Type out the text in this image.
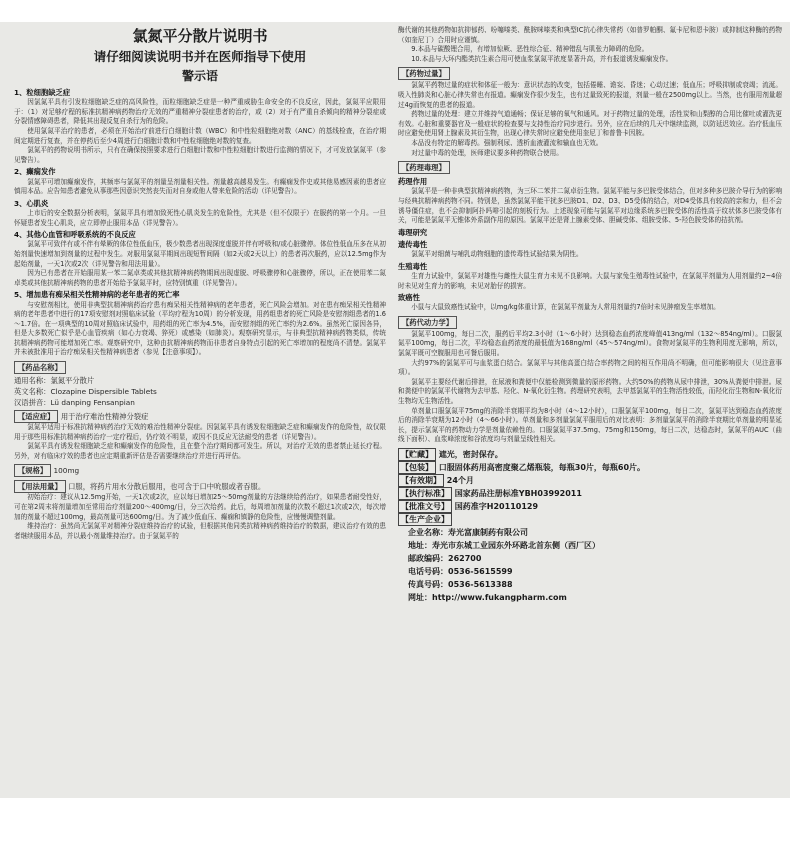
氯氮平分散片说明书
请仔细阅读说明书并在医师指导下使用
警示语
1、粒细胞缺乏症

因氯氮平具有引发粒细胞缺乏症的高风险性，而粒细胞缺乏症是一种严重威胁生命安全的不良反应，因此，氯氮平应限用于：（1）对足够疗程的标准抗精神病药物治疗无效的严重精神分裂症患者的治疗，或（2）对于有严重自杀倾向的精神分裂症或分裂情感障碍患者，降低其出现反复自杀行为的危险。

使用氯氮平治疗的患者，必须在开始治疗前进行白细胞计数（WBC）和中性粒细胞绝对数（ANC）的基线检查，在治疗期间定期进行复查，并在停药后至少4周进行白细胞计数和中性粒细胞绝对数的复查。

氯氮平的药物说明书所示，只有在确保按照要求进行白细胞计数和中性粒细胞计数进行监测的情况下，才可发放氯氮平（参见警告）。

2、癫痫发作

氯氮平可增加癫痫发作，其频率与氯氮平的剂量呈剂量相关性。剂量越高越易发生。有癫痫发作史或其他易感因素的患者应慎用本品。应告知患者避免从事那些因意识突然丧失而对自身或他人带来危险的活动（详见警告）。

3、心肌炎

上市后的安全数据分析表明，氯氮平具有增加致死性心肌炎发生的危险性，尤其是（但不仅限于）在服药的第一个月。一旦怀疑患者发生心肌炎，应立即停止服用本品（详见警告）。

4、其他心血管和呼吸系统的不良反应

氯氮平可致伴有或不伴有晕厥的体位性低血压，极少数患者出现深度虚脱并伴有呼吸和/或心脏骤停。体位性低血压多在从初始剂量快速增加到剂量的过程中发生。对服用氯氮平期间出现短暂间隔（如2天或2天以上）的患者再次服药，应以12.5mg作为起始剂量，一天1次或2次（详见警告和用法用量）。

因为已有患者在开始服用某一苯二氮卓类或其他抗精神病药物期间出现虚脱、呼吸骤停和心脏骤停，所以，正在使用苯二氮卓类或其他抗精神病药物的患者开始给予氯氮平时，应特别慎重（详见警告）。

5、增加患有痴呆相关性精神病的老年患者的死亡率

与安慰剂相比，使用非典型抗精神病药治疗患有痴呆相关性精神病的老年患者，死亡风险会增加。对在患有痴呆相关性精神病的老年患者中进行的17项安慰剂对照临床试验（平均疗程为10周）的分析发现，用药组患者的死亡风险是安慰剂组患者的1.6～1.7倍。在一项典型的10周对照临床试验中，用药组的死亡率为4.5%，而安慰剂组的死亡率约为2.6%。虽然死亡原因各异，但是大多数死亡似乎是心血管疾病（如心力衰竭、猝死）或感染（如肺炎）。观察研究显示，与非典型抗精神病药物类似，传统抗精神病药物可能增加死亡率。观察研究中，这种由抗精神病药物而非患者自身特点引起的死亡率增加的程度尚不清楚。氯氮平并未被批准用于治疗痴呆相关性精神病患者（参见【注意事项】）。

【药品名称】
通用名称： 氯氮平分散片
英文名称： Clozapine Dispersible Tablets
汉语拼音： Lü danping Fensanpian
【适应症】 用于治疗难治性精神分裂症

氯氮平适用于标准抗精神病药治疗无效的难治性精神分裂症。因氯氮平具有诱发粒细胞缺乏症和癫痫发作的危险性，故仅限用于那些用标准抗精神病药治疗一定疗程后，仍疗效不明显，或因不良反应无法耐受的患者（详见警告）。

氯氮平具有诱发粒细胞缺乏症和癫痫发作的危险性，且在整个治疗期间都可发生。所以，对治疗无效的患者禁止延长疗程。另外，对有临床疗效的患者也应定期重新评估是否需要继续治疗并进行再评估。

【规格】 100mg
【用法用量】 口服，将药片用水分散后服用，也可含于口中吮服或者吞服。

初始治疗：建议从12.5mg开始，一天1次或2次，应以每日增加25～50mg剂量的方法继续给药治疗，如果患者耐受性好，可在第2周末将剂量增加至常用治疗剂量200～400mg/日，分三次给药。此后，每周增加剂量的次数不超过1次或2次，每次增加的剂量不超过100mg，最高剂量可达600mg/日。为了减少低血压、癫痫和镇静的危险性，应慢慢调整剂量。

维持治疗：虽然尚无氯氮平对精神分裂症维持治疗的试验，但根据其他同类抗精神病药维持治疗的数据，建议治疗有效的患者继续服用本品，并以最小剂量维持治疗。由于氯氮平的

酶代谢的其他药物如抗抑郁药、吩噻嗪类、酰胺咪嗪类和典型IC抗心律失常药（如普罗帕酮、氟卡尼和恩卡胺）或抑制这种酶的药物（如奎尼丁）合用时应谨慎。

9.本品与碳酸锂合用，有增加惊厥、恶性综合征、精神错乱与肌张力障碍的危险。

10.本品与大环内酯类抗生素合用可使血浆氯氮平浓度显著升高，并有报道诱发癫痫发作。

【药物过量】

氯氮平药物过量的症状和体征一般为：意识状态的改变，包括倦睡、谵妄、昏迷；心动过速；低血压；呼吸抑制或衰竭；流涎。吸入性肺炎和心脏心律失常也有报道。癫痫发作很少发生，也有过量致死的报道，剂量一般在2500mg以上。当然，也有服用剂量超过4g而恢复的患者的报道。

药物过量的处理：建立并维持气道通畅；保证足够的氧气和通风。对于药物过量的处理，活性炭和山梨醇的合用比催吐或灌洗更有效。心脏和重要器官及一般症状的检查要与支持性治疗同步进行。另外，应在后续的几天中继续监测，以防延迟效应。治疗低血压时应避免使用肾上腺素及其衍生物，出现心律失常时应避免使用奎尼丁和普鲁卡因胺。

本品没有特定的解毒药。强制利尿、透析血液灌流和输血也无效。

对过量中毒的处理，医师建议要多种药物联合使用。

【药理毒理】
药理作用

氯氮平是一种非典型抗精神病药物，为三环二苯并二氮卓衍生物。氯氮平能与多巴胺受体结合，但对多种多巴胺介导行为的影响与经典抗精神病药物不同。特别是，虽然氯氮平能干扰多巴胺D1、D2、D3、D5受体的结合，对D4受体具有较高的亲和力，但不会诱导僵住症，也不会抑制阿扑吗啡引起的刻板行为。上述现象可能与氯氮平对边缘系统多巴胺受体的活性高于纹状体多巴胺受体有关，可能是氯氮平无锥体外系副作用的原因。氯氮平还是肾上腺素受体、胆碱受体、组胺受体、5-羟色胺受体的拮抗剂。

毒理研究
遗传毒性

氯氮平对细菌与哺乳动物细胞的遗传毒性试验结果为阴性。

生殖毒性

生育力试验中，氯氮平对雄性与雌性大鼠生育力未见不良影响。大鼠与家兔生殖毒性试验中，在氯氮平剂量为人用剂量约2~4倍时未见对生育力的影响，未见对胎仔的损害。

致癌性

小鼠与大鼠致癌性试验中，以mg/kg体重计算，在氯氮平剂量为人常用剂量约7倍时未见肿瘤发生率增加。

【药代动力学】

氯氮平100mg，每日二次，服药后平均2.3小时（1～6小时）达到稳态血药浓度峰值413ng/ml（132～854ng/ml）。口服氯氮平100mg，每日二次，平均稳态血药浓度的最低值为168ng/ml（45～574ng/ml）。食物对氯氮平的生物利用度无影响，所以，氯氮平既可空腹服用也可餐后服用。

大约97%的氯氮平可与血浆蛋白结合。氯氮平与其他高蛋白结合率药物之间的相互作用尚不明确，但可能影响很大（见注意事项）。

氯氮平主要经代谢后排泄，在尿液和粪便中仅能检测到微量的原形药物。大约50%的药物从尿中排泄，30%从粪便中排泄。尿和粪便中的氯氮平代谢物为去甲基、羟化、N-氧化衍生物。药理研究表明，去甲基氯氮平的生物活性较低，而羟化衍生物和N-氧化衍生物均无生物活性。

单剂量口服氯氮平75mg的消除半衰期平均为8小时（4～12小时），口服氯氮平100mg，每日二次，氯氮平达到稳态血药浓度后的消除半衰期为12小时（4～66小时）。单剂量和多剂量氯氮平服用后的对比表明：多剂量氯氮平的消除半衰期比单剂量的明显延长，提示氯氮平的药物动力学是剂量依赖性的。口服氯氮平37.5mg、75mg和150mg，每日二次，达稳态时，氯氮平的AUC（曲线下面积）、血浆峰浓度和谷浓度均与剂量呈线性相关。

【贮藏】 遮光，密封保存。
【包装】 口服固体药用高密度聚乙烯瓶装，每瓶30片，每瓶60片。
【有效期】 24个月
【执行标准】 国家药品注册标准YBH03992011
【批准文号】 国药准字H20110129
【生产企业】
企业名称：寿光富康制药有限公司
地址：寿光市东城工业园东外环路北首东侧（西厂区）
邮政编码：262700
电话号码：0536-5615599
传真号码：0536-5613388
网址：http://www.fukangpharm.com
